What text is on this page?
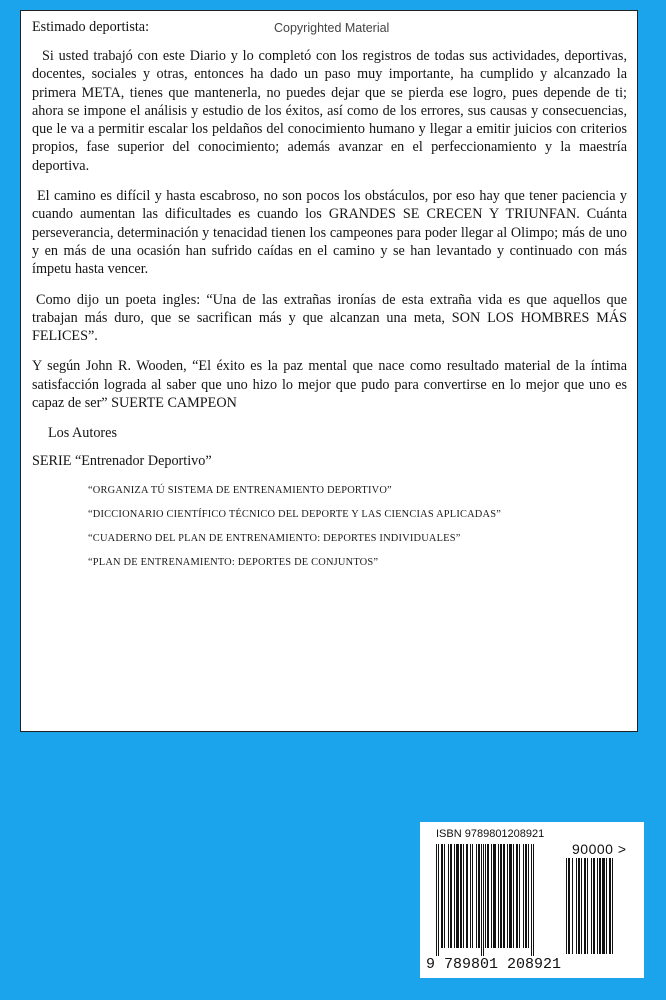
Estimado deportista:	Copyrighted Material

Si usted trabajó con este Diario y lo completó con los registros de todas sus actividades, deportivas, docentes, sociales y otras, entonces ha dado un paso muy importante, ha cumplido y alcanzado la primera META, tienes que mantenerla, no puedes dejar que se pierda ese logro, pues depende de ti; ahora se impone el análisis y estudio de los éxitos, así como de los errores, sus causas y consecuencias, que le va a permitir escalar los peldaños del conocimiento humano y llegar a emitir juicios con criterios propios, fase superior del conocimiento; además avanzar en el perfeccionamiento y la maestría deportiva.

El camino es difícil y hasta escabroso, no son pocos los obstáculos, por eso hay que tener paciencia y cuando aumentan las dificultades es cuando los GRANDES SE CRECEN Y TRIUNFAN. Cuánta perseverancia, determinación y tenacidad tienen los campeones para poder llegar al Olimpo; más de uno y en más de una ocasión han sufrido caídas en el camino y se han levantado y continuado con más ímpetu hasta vencer.

Como dijo un poeta ingles: “Una de las extrañas ironías de esta extraña vida es que aquellos que trabajan más duro, que se sacrifican más y que alcanzan una meta, SON LOS HOMBRES MÁS FELICES”.

Y según John R. Wooden, “El éxito es la paz mental que nace como resultado material de la íntima satisfacción lograda al saber que uno hizo lo mejor que pudo para convertirse en lo mejor que uno es capaz de ser” SUERTE CAMPEON

Los Autores
SERIE “Entrenador Deportivo”
“ORGANIZA TÚ SISTEMA DE ENTRENAMIENTO DEPORTIVO”
“DICCIONARIO CIENTÍFICO TÉCNICO DEL DEPORTE Y LAS CIENCIAS APLICADAS”
“CUADERNO DEL PLAN DE ENTRENAMIENTO: DEPORTES INDIVIDUALES”
“PLAN DE ENTRENAMIENTO: DEPORTES DE CONJUNTOS”
ISBN 9789801208921
90000 >
9 789801 208921
